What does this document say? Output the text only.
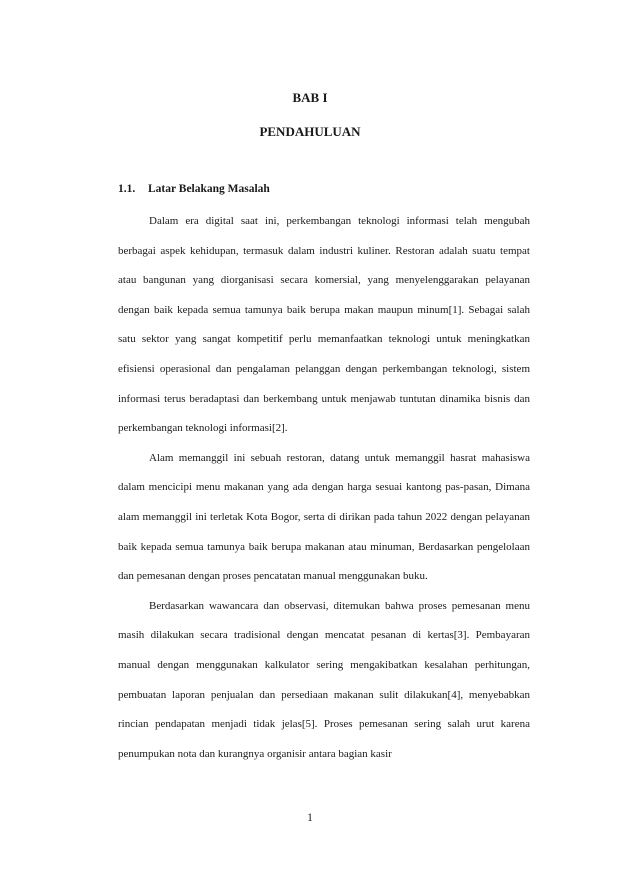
BAB I
PENDAHULUAN
1.1. Latar Belakang Masalah

Dalam era digital saat ini, perkembangan teknologi informasi telah mengubah berbagai aspek kehidupan, termasuk dalam industri kuliner. Restoran adalah suatu tempat atau bangunan yang diorganisasi secara komersial, yang menyelenggarakan pelayanan dengan baik kepada semua tamunya baik berupa makan maupun minum[1]. Sebagai salah satu sektor yang sangat kompetitif perlu memanfaatkan teknologi untuk meningkatkan efisiensi operasional dan pengalaman pelanggan dengan perkembangan teknologi, sistem informasi terus beradaptasi dan berkembang untuk menjawab tuntutan dinamika bisnis dan perkembangan teknologi informasi[2].

Alam memanggil ini sebuah restoran, datang untuk memanggil hasrat mahasiswa dalam mencicipi menu makanan yang ada dengan harga sesuai kantong pas-pasan, Dimana alam memanggil ini terletak Kota Bogor, serta di dirikan pada tahun 2022 dengan pelayanan baik kepada semua tamunya baik berupa makanan atau minuman, Berdasarkan pengelolaan dan pemesanan dengan proses pencatatan manual menggunakan buku.

Berdasarkan wawancara dan observasi, ditemukan bahwa proses pemesanan menu masih dilakukan secara tradisional dengan mencatat pesanan di kertas[3]. Pembayaran manual dengan menggunakan kalkulator sering mengakibatkan kesalahan perhitungan, pembuatan laporan penjualan dan persediaan makanan sulit dilakukan[4], menyebabkan rincian pendapatan menjadi tidak jelas[5]. Proses pemesanan sering salah urut karena penumpukan nota dan kurangnya organisir antara bagian kasir

1
